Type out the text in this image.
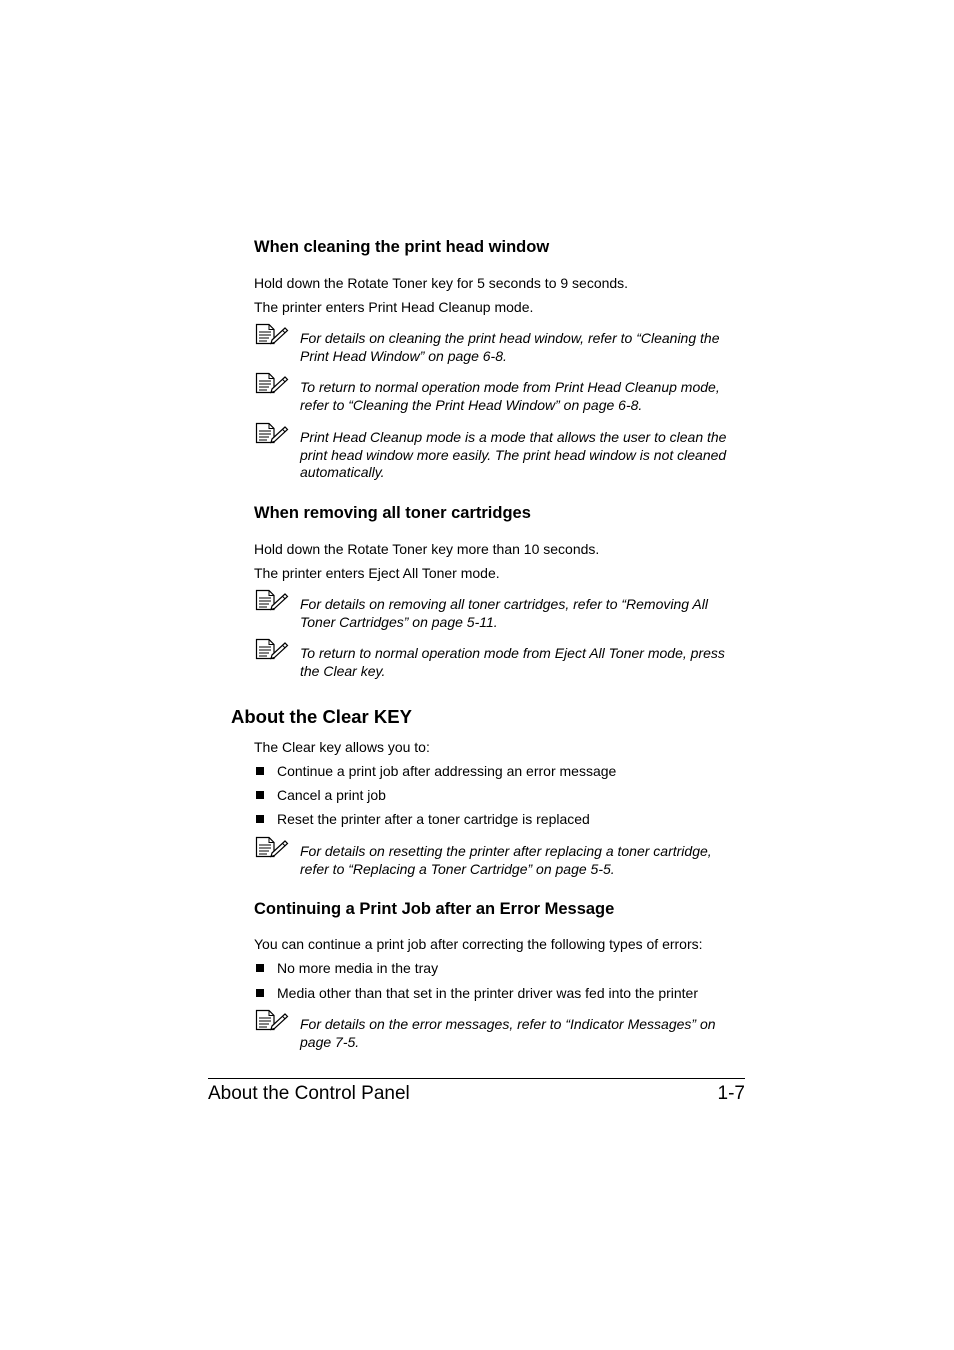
When cleaning the print head window
Hold down the Rotate Toner key for 5 seconds to 9 seconds.
The printer enters Print Head Cleanup mode.
For details on cleaning the print head window, refer to “Cleaning the
Print Head Window” on page 6-8.
To return to normal operation mode from Print Head Cleanup mode,
refer to “Cleaning the Print Head Window” on page 6-8.
Print Head Cleanup mode is a mode that allows the user to clean the
print head window more easily. The print head window is not cleaned
automatically.
When removing all toner cartridges
Hold down the Rotate Toner key more than 10 seconds.
The printer enters Eject All Toner mode.
For details on removing all toner cartridges, refer to “Removing All
Toner Cartridges” on page 5-11.
To return to normal operation mode from Eject All Toner mode, press
the Clear key.
About the Clear KEY
The Clear key allows you to:
Continue a print job after addressing an error message
Cancel a print job
Reset the printer after a toner cartridge is replaced
For details on resetting the printer after replacing a toner cartridge,
refer to “Replacing a Toner Cartridge” on page 5-5.
Continuing a Print Job after an Error Message
You can continue a print job after correcting the following types of errors:
No more media in the tray
Media other than that set in the printer driver was fed into the printer
For details on the error messages, refer to “Indicator Messages” on
page 7-5.
About the Control Panel	1-7
